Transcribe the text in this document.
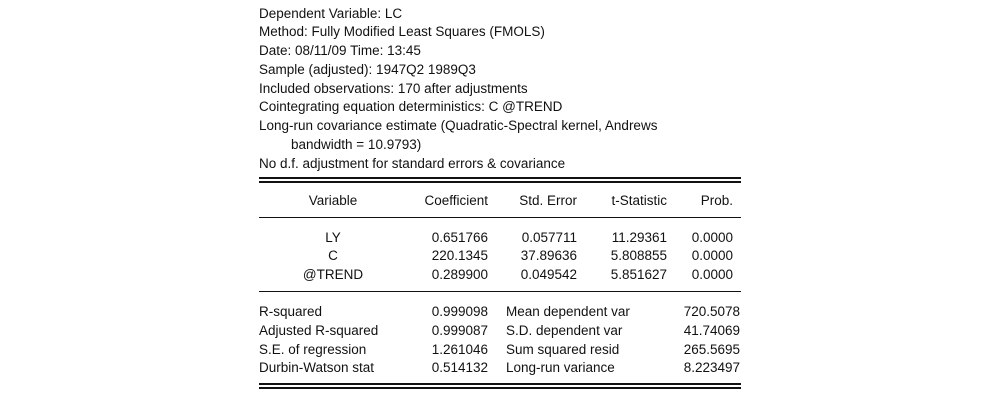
Dependent Variable: LC
Method: Fully Modified Least Squares (FMOLS)
Date: 08/11/09 Time: 13:45
Sample (adjusted): 1947Q2 1989Q3
Included observations: 170 after adjustments
Cointegrating equation deterministics: C @TREND
Long-run covariance estimate (Quadratic-Spectral kernel, Andrews
bandwidth = 10.9793)
No d.f. adjustment for standard errors & covariance
Variable	Coefficient Std. Error	t-Statistic Prob.
LY	0.651766 0.057711	11.29361 0.0000
C	220.1345 37.89636 5.808855 0.0000
@TREND	0.289900 0.049542 5.851627 0.0000
R-squared	0.999098 Mean dependent var	720.5078
Adjusted R-squared	0.999087 S.D. dependent var	41.74069
S.E. of regression	1.261046 Sum squared resid	265.5695
Durbin-Watson stat	0.514132 Long-run variance	8.223497
